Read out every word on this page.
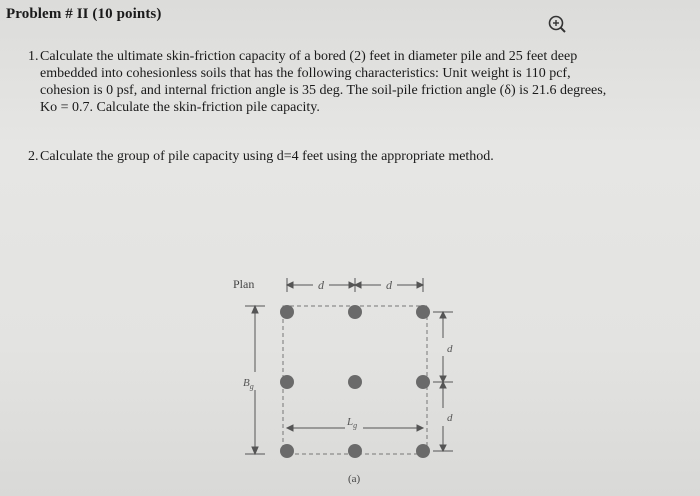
Problem # II (10 points)
1. Calculate the ultimate skin-friction capacity of a bored (2) feet in diameter pile and 25 feet deep
embedded into cohesionless soils that has the following characteristics: Unit weight is 110 pcf,
cohesion is 0 psf, and internal friction angle is 35 deg. The soil-pile friction angle (δ) is 21.6 degrees,
Ko = 0.7. Calculate the skin-friction pile capacity.
2. Calculate the group of pile capacity using d=4 feet using the appropriate method.
Plan	d	d
$B_g$
d
d
$L_g$
(a)
